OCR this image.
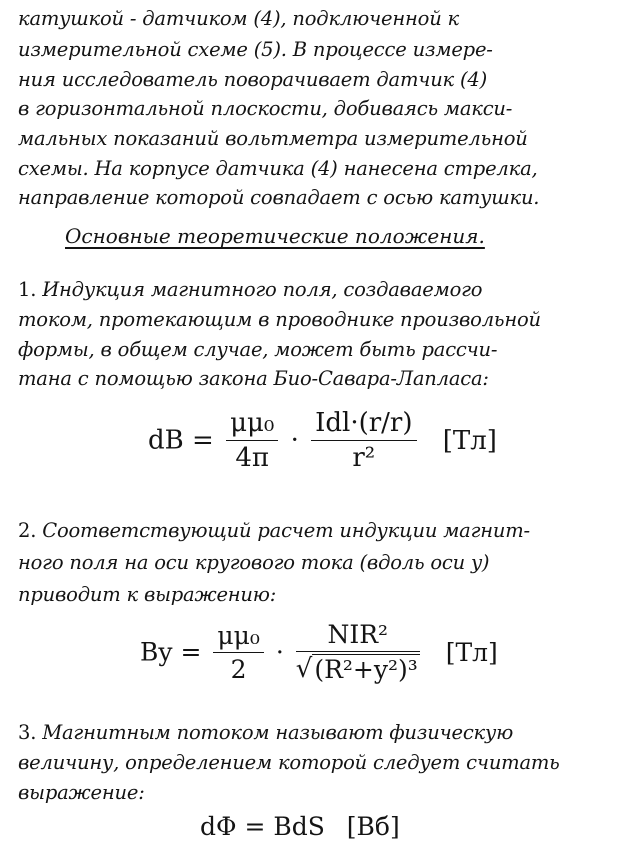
катушкой - датчиком (4), подключенной к
измерительной схеме (5). В процессе измере-
ния исследователь поворачивает датчик (4)
в горизонтальной плоскости, добиваясь макси-
мальных показаний вольтметра измерительной
схемы. На корпусе датчика (4) нанесена стрелка,
направление которой совпадает с осью катушки.
Основные теоретические положения.
1. Индукция магнитного поля, создаваемого
током, протекающим в проводнике произвольной
формы, в общем случае, может быть рассчи-
тана с помощью закона Био-Савара-Лапласа:
dB = $\frac{\text{μμ₀}}{4\pi} \cdot \frac{\text{Idl·(r/r)}}{\text{r²}} [Тл]$
2. Соответствующий расчет индукции магнит-
ного поля на оси кругового тока (вдоль оси y)
приводит к выражению:
$By = \frac{\text{μμ₀}}{2} \cdot \frac{\text{NIR²}}{\text{√(R²+y²)³}} [Тл]$
3. Магнитным потоком называют физическую
величину, определением которой следует считать
выражение:
dΦ = BdS [Вб]
